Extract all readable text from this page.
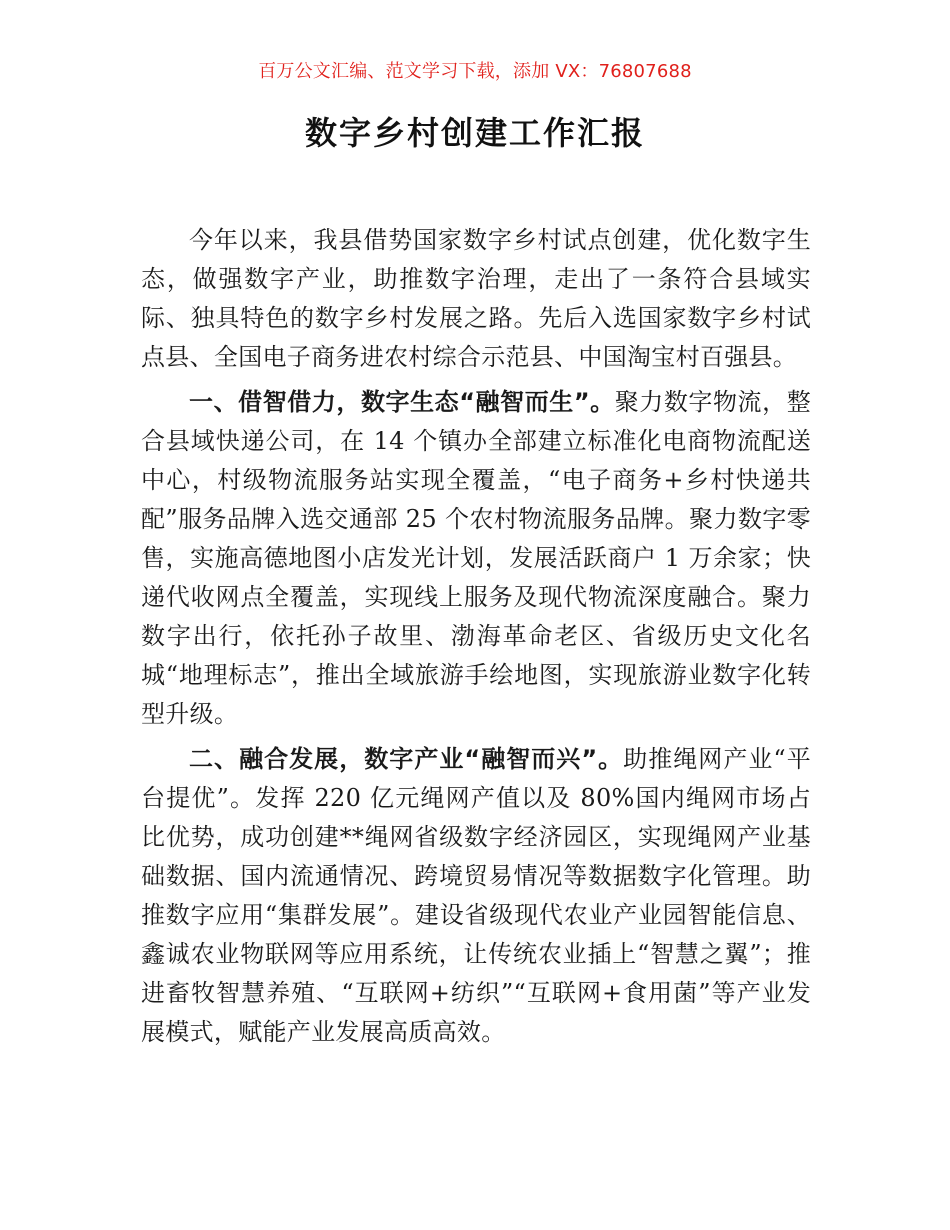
百万公文汇编、范文学习下载，添加 VX：76807688
数字乡村创建工作汇报

今年以来，我县借势国家数字乡村试点创建，优化数字生态，做强数字产业，助推数字治理，走出了一条符合县域实际、独具特色的数字乡村发展之路。先后入选国家数字乡村试点县、全国电子商务进农村综合示范县、中国淘宝村百强县。

一、借智借力，数字生态“融智而生”。聚力数字物流，整合县域快递公司，在 14 个镇办全部建立标准化电商物流配送中心，村级物流服务站实现全覆盖，“电子商务+乡村快递共配”服务品牌入选交通部 25 个农村物流服务品牌。聚力数字零售，实施高德地图小店发光计划，发展活跃商户 1 万余家；快递代收网点全覆盖，实现线上服务及现代物流深度融合。聚力数字出行，依托孙子故里、渤海革命老区、省级历史文化名城“地理标志”，推出全域旅游手绘地图，实现旅游业数字化转型升级。

二、融合发展，数字产业“融智而兴”。助推绳网产业“平台提优”。发挥 220 亿元绳网产值以及 80%国内绳网市场占比优势，成功创建**绳网省级数字经济园区，实现绳网产业基础数据、国内流通情况、跨境贸易情况等数据数字化管理。助推数字应用“集群发展”。建设省级现代农业产业园智能信息、鑫诚农业物联网等应用系统，让传统农业插上“智慧之翼”；推进畜牧智慧养殖、“互联网+纺织”“互联网+食用菌”等产业发展模式，赋能产业发展高质高效。
